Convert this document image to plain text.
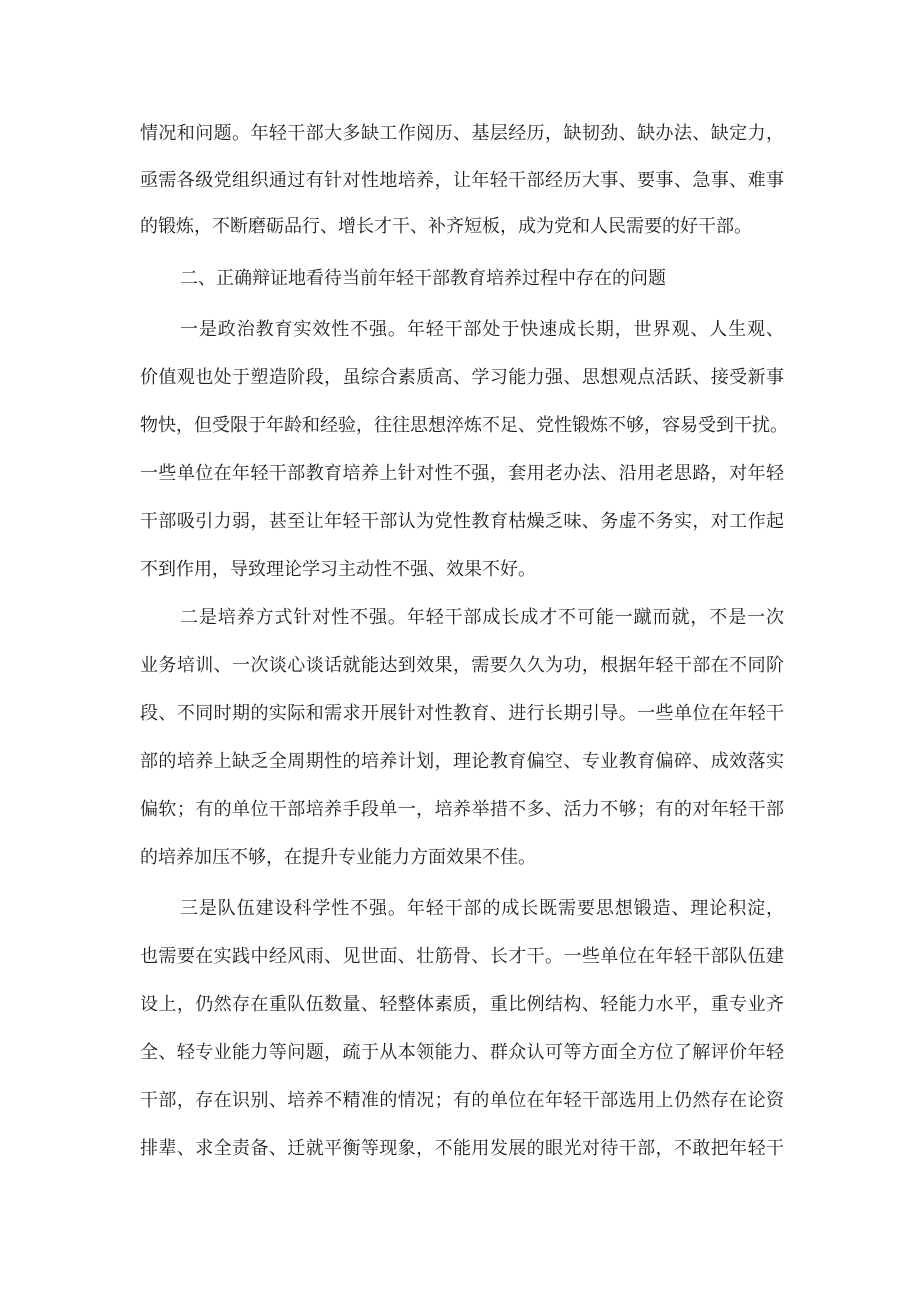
情况和问题。年轻干部大多缺工作阅历、基层经历，缺韧劲、缺办法、缺定力，
亟需各级党组织通过有针对性地培养，让年轻干部经历大事、要事、急事、难事
的锻炼，不断磨砺品行、增长才干、补齐短板，成为党和人民需要的好干部。
二、正确辩证地看待当前年轻干部教育培养过程中存在的问题
一是政治教育实效性不强。年轻干部处于快速成长期，世界观、人生观、
价值观也处于塑造阶段，虽综合素质高、学习能力强、思想观点活跃、接受新事
物快，但受限于年龄和经验，往往思想淬炼不足、党性锻炼不够，容易受到干扰。
一些单位在年轻干部教育培养上针对性不强，套用老办法、沿用老思路，对年轻
干部吸引力弱，甚至让年轻干部认为党性教育枯燥乏味、务虚不务实，对工作起
不到作用，导致理论学习主动性不强、效果不好。
二是培养方式针对性不强。年轻干部成长成才不可能一蹴而就，不是一次
业务培训、一次谈心谈话就能达到效果，需要久久为功，根据年轻干部在不同阶
段、不同时期的实际和需求开展针对性教育、进行长期引导。一些单位在年轻干
部的培养上缺乏全周期性的培养计划，理论教育偏空、专业教育偏碎、成效落实
偏软；有的单位干部培养手段单一，培养举措不多、活力不够；有的对年轻干部
的培养加压不够，在提升专业能力方面效果不佳。
三是队伍建设科学性不强。年轻干部的成长既需要思想锻造、理论积淀，
也需要在实践中经风雨、见世面、壮筋骨、长才干。一些单位在年轻干部队伍建
设上，仍然存在重队伍数量、轻整体素质，重比例结构、轻能力水平，重专业齐
全、轻专业能力等问题，疏于从本领能力、群众认可等方面全方位了解评价年轻
干部，存在识别、培养不精准的情况；有的单位在年轻干部选用上仍然存在论资
排辈、求全责备、迁就平衡等现象，不能用发展的眼光对待干部，不敢把年轻干
